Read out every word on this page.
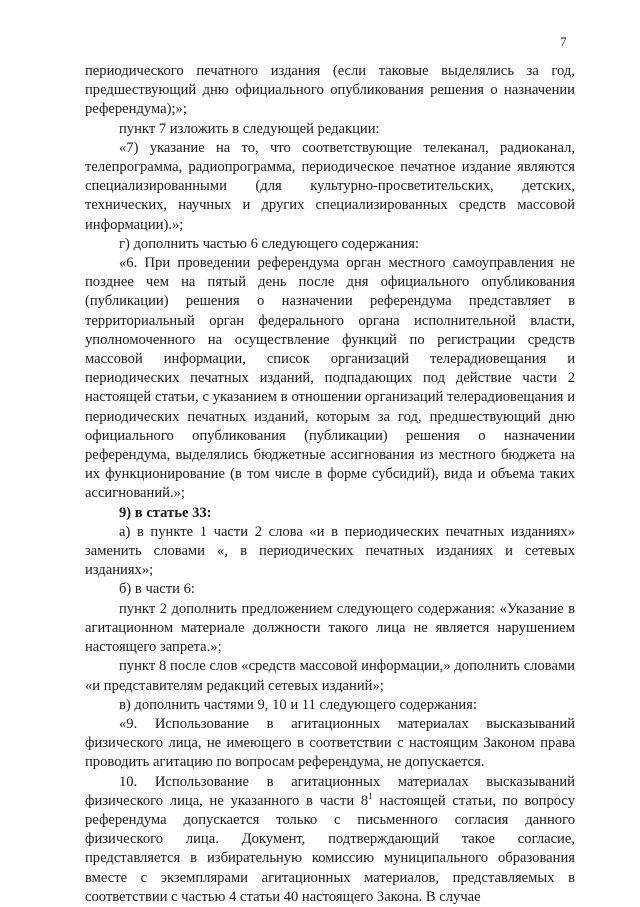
7

периодического печатного издания (если таковые выделялись за год, предшествующий дню официального опубликования решения о назначении референдума);»;

пункт 7 изложить в следующей редакции:

«7) указание на то, что соответствующие телеканал, радиоканал, телепрограмма, радиопрограмма, периодическое печатное издание являются специализированными (для культурно-просветительских, детских, технических, научных и других специализированных средств массовой информации).»;

г) дополнить частью 6 следующего содержания:

«6. При проведении референдума орган местного самоуправления не позднее чем на пятый день после дня официального опубликования (публикации) решения о назначении референдума представляет в территориальный орган федерального органа исполнительной власти, уполномоченного на осуществление функций по регистрации средств массовой информации, список организаций телерадиовещания и периодических печатных изданий, подпадающих под действие части 2 настоящей статьи, с указанием в отношении организаций телерадиовещания и периодических печатных изданий, которым за год, предшествующий дню официального опубликования (публикации) решения о назначении референдума, выделялись бюджетные ассигнования из местного бюджета на их функционирование (в том числе в форме субсидий), вида и объема таких ассигнований.»;

9) в статье 33:

а) в пункте 1 части 2 слова «и в периодических печатных изданиях» заменить словами «, в периодических печатных изданиях и сетевых изданиях»;

б) в части 6:

пункт 2 дополнить предложением следующего содержания: «Указание в агитационном материале должности такого лица не является нарушением настоящего запрета.»;

пункт 8 после слов «средств массовой информации,» дополнить словами «и представителям редакций сетевых изданий»;

в) дополнить частями 9, 10 и 11 следующего содержания:

«9. Использование в агитационных материалах высказываний физического лица, не имеющего в соответствии с настоящим Законом права проводить агитацию по вопросам референдума, не допускается.

10. Использование в агитационных материалах высказываний физического лица, не указанного в части $8^1$ настоящей статьи, по вопросу референдума допускается только с письменного согласия данного физического лица. Документ, подтверждающий такое согласие, представляется в избирательную комиссию муниципального образования вместе с экземплярами агитационных материалов, представляемых в соответствии с частью 4 статьи 40 настоящего Закона. В случае
